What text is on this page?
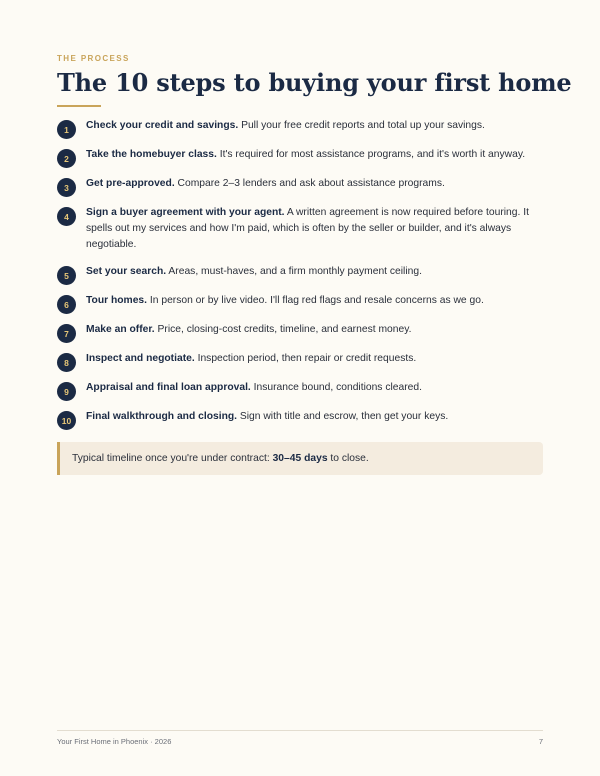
THE PROCESS
The 10 steps to buying your first home
1	Check your credit and savings. Pull your free credit reports and total up your savings.
2	Take the homebuyer class. It's required for most assistance programs, and it's worth it anyway.
3	Get pre-approved. Compare 2–3 lenders and ask about assistance programs.
4	Sign a buyer agreement with your agent. A written agreement is now required before touring. It spells out my services and how I'm paid, which is often by the seller or builder, and it's always negotiable.
5	Set your search. Areas, must-haves, and a firm monthly payment ceiling.
6	Tour homes. In person or by live video. I'll flag red flags and resale concerns as we go.
7	Make an offer. Price, closing-cost credits, timeline, and earnest money.
8	Inspect and negotiate. Inspection period, then repair or credit requests.
9	Appraisal and final loan approval. Insurance bound, conditions cleared.
10	Final walkthrough and closing. Sign with title and escrow, then get your keys.
Typical timeline once you're under contract: 30–45 days to close.
Your First Home in Phoenix · 2026	7
